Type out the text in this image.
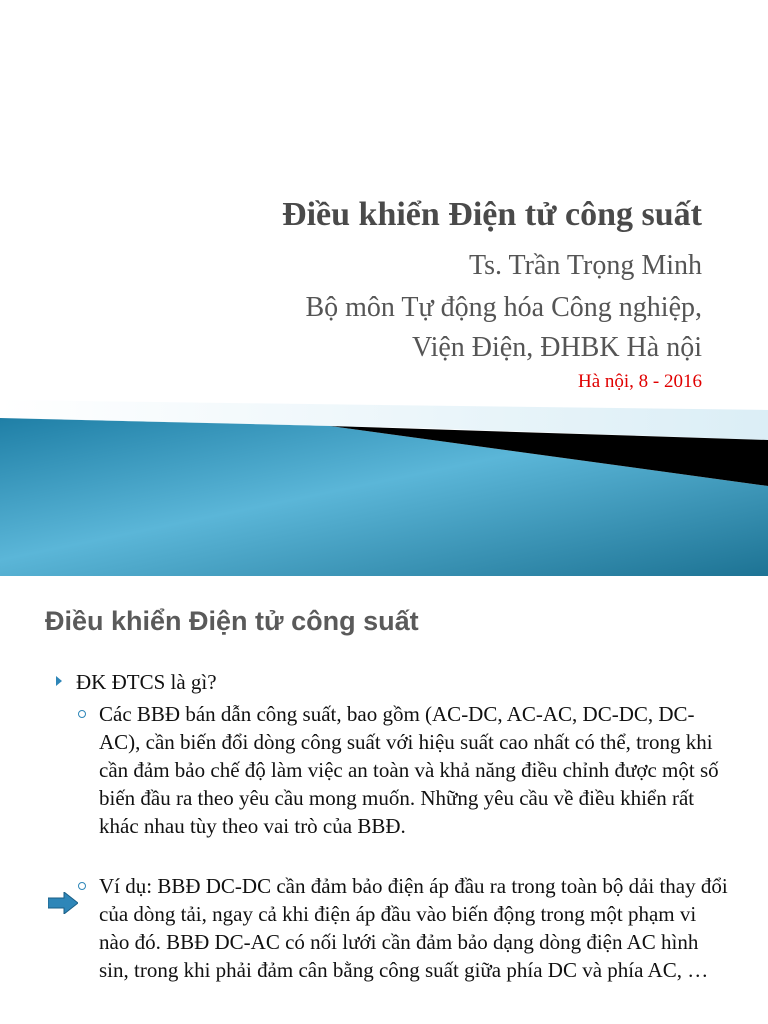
Điều khiển Điện tử công suất
Ts. Trần Trọng Minh
Bộ môn Tự động hóa Công nghiệp,
Viện Điện, ĐHBK Hà nội
Hà nội, 8 - 2016
Điều khiển Điện tử công suất
ĐK ĐTCS là gì?
Các BBĐ bán dẫn công suất, bao gồm (AC-DC, AC-AC, DC-DC, DC-AC), cần biến đổi dòng công suất với hiệu suất cao nhất có thể, trong khi cần đảm bảo chế độ làm việc an toàn và khả năng điều chỉnh được một số biến đầu ra theo yêu cầu mong muốn. Những yêu cầu về điều khiển rất khác nhau tùy theo vai trò của BBĐ.
Ví dụ: BBĐ DC-DC cần đảm bảo điện áp đầu ra trong toàn bộ dải thay đổi của dòng tải, ngay cả khi điện áp đầu vào biến động trong một phạm vi nào đó. BBĐ DC-AC có nối lưới cần đảm bảo dạng dòng điện AC hình sin, trong khi phải đảm cân bằng công suất giữa phía DC và phía AC, …
